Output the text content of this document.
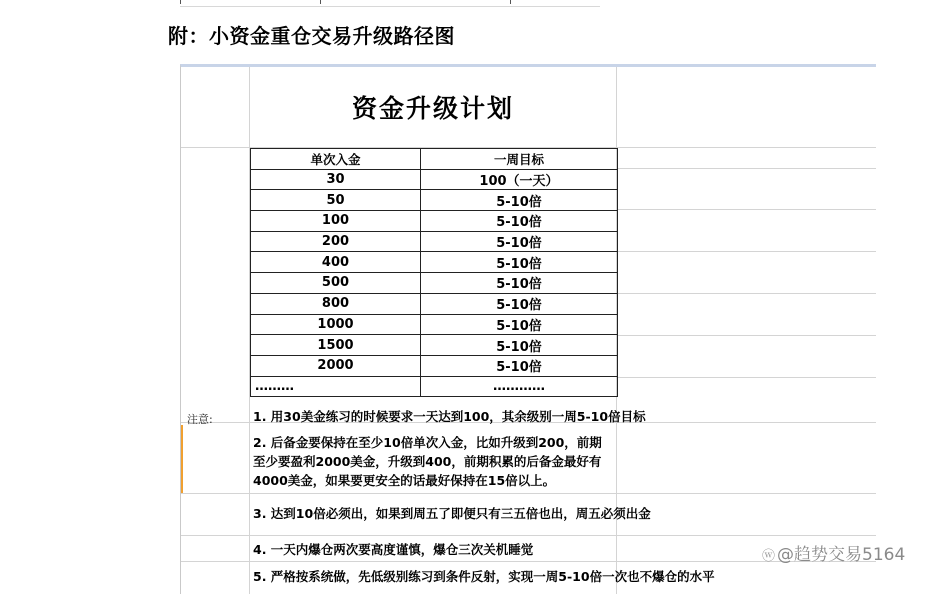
附：小资金重仓交易升级路径图
资金升级计划
单次入金	一周目标
30	100（一天）
50	5-10倍
100	5-10倍
200	5-10倍
400	5-10倍
500	5-10倍
800	5-10倍
1000	5-10倍
1500	5-10倍
2000	5-10倍
………	…………
注意:	1. 用30美金练习的时候要求一天达到100，其余级别一周5-10倍目标
2. 后备金要保持在至少10倍单次入金，比如升级到200，前期
至少要盈利2000美金，升级到400，前期积累的后备金最好有
4000美金，如果要更安全的话最好保持在15倍以上。
3. 达到10倍必须出，如果到周五了即便只有三五倍也出，周五必须出金
4. 一天内爆仓两次要高度谨慎，爆仓三次关机睡觉
5. 严格按系统做，先低级别练习到条件反射，实现一周5-10倍一次也不爆仓的水平
ⓦ @趋势交易5164
